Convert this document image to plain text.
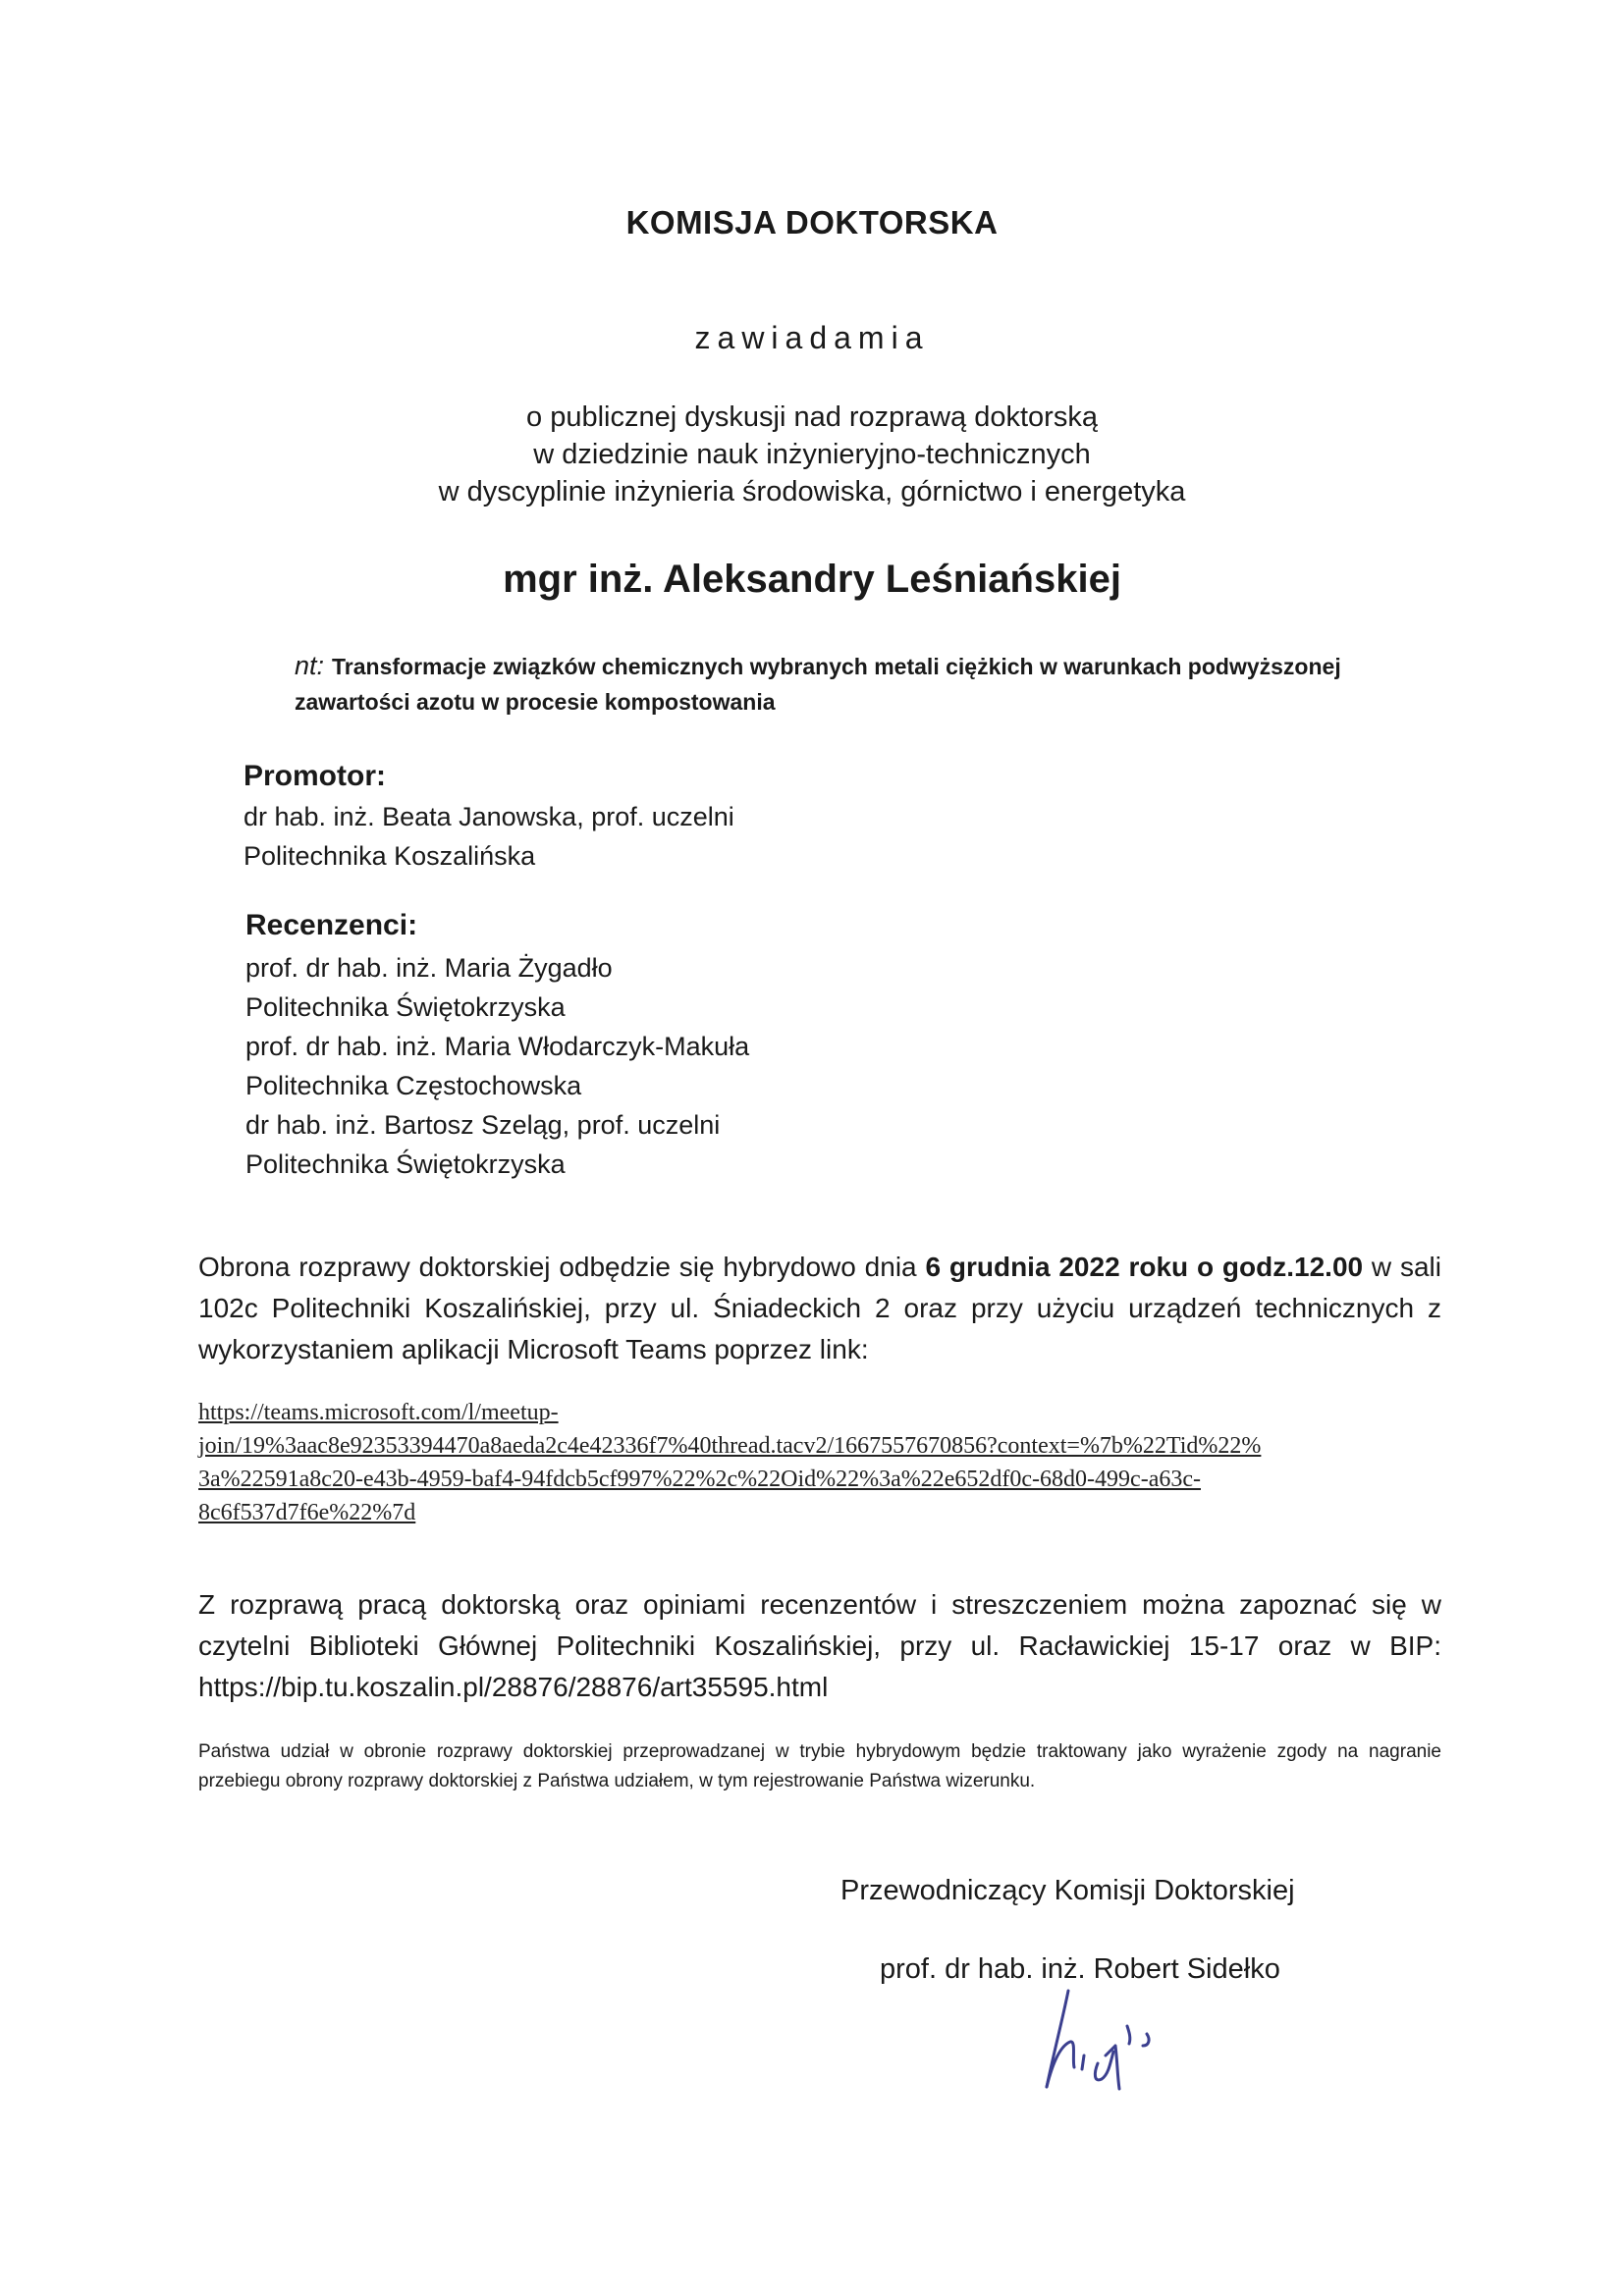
KOMISJA DOKTORSKA
zawiadamia
o publicznej dyskusji nad rozprawą doktorską
w dziedzinie nauk inżynieryjno-technicznych
w dyscyplinie inżynieria środowiska, górnictwo i energetyka
mgr inż. Aleksandry Leśniańskiej
nt: Transformacje związków chemicznych wybranych metali ciężkich w warunkach podwyższonej
zawartości azotu w procesie kompostowania
Promotor:
dr hab. inż. Beata Janowska, prof. uczelni
Politechnika Koszalińska
Recenzenci:
prof. dr hab. inż. Maria Żygadło
Politechnika Świętokrzyska
prof. dr hab. inż. Maria Włodarczyk-Makuła
Politechnika Częstochowska
dr hab. inż. Bartosz Szeląg, prof. uczelni
Politechnika Świętokrzyska
Obrona rozprawy doktorskiej odbędzie się hybrydowo dnia 6 grudnia 2022 roku o godz.12.00 w sali 102c Politechniki Koszalińskiej, przy ul. Śniadeckich 2 oraz przy użyciu urządzeń technicznych z wykorzystaniem aplikacji Microsoft Teams poprzez link:
https://teams.microsoft.com/l/meetup-
join/19%3aac8e92353394470a8aeda2c4e42336f7%40thread.tacv2/1667557670856?context=%7b%22Tid%22%
3a%22591a8c20-e43b-4959-baf4-94fdcb5cf997%22%2c%22Oid%22%3a%22e652df0c-68d0-499c-a63c-
8c6f537d7f6e%22%7d
Z rozprawą pracą doktorską oraz opiniami recenzentów i streszczeniem można zapoznać się w czytelni Biblioteki Głównej Politechniki Koszalińskiej, przy ul. Racławickiej 15-17 oraz w BIP: https://bip.tu.koszalin.pl/28876/28876/art35595.html
Państwa udział w obronie rozprawy doktorskiej przeprowadzanej w trybie hybrydowym będzie traktowany jako wyrażenie zgody na nagranie przebiegu obrony rozprawy doktorskiej z Państwa udziałem, w tym rejestrowanie Państwa wizerunku.
Przewodniczący Komisji Doktorskiej
prof. dr hab. inż. Robert Sidełko
